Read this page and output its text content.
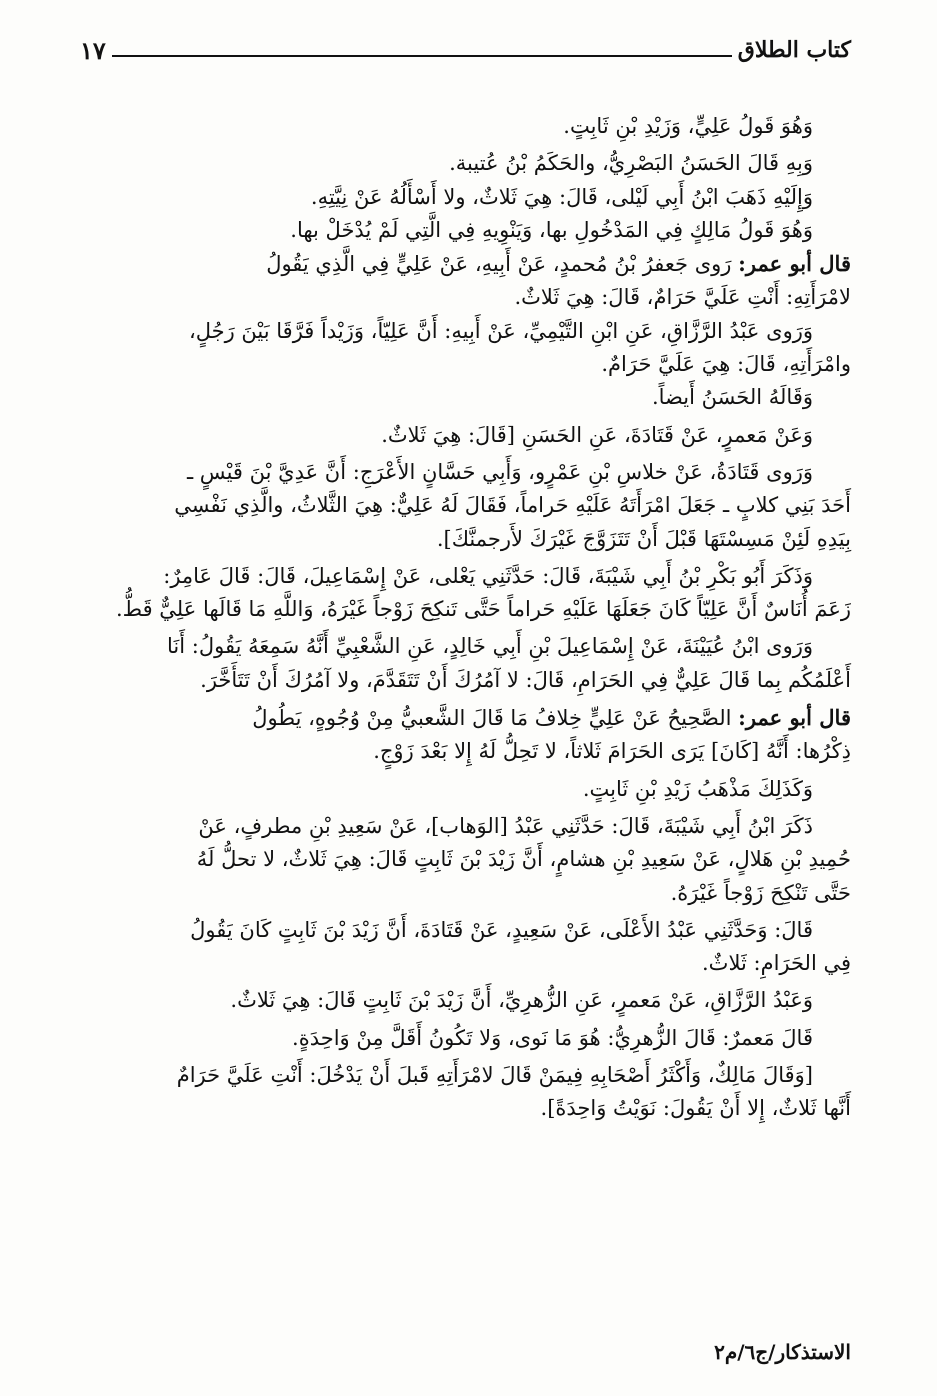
كتاب الطلاق
١٧

وَهُوَ قَولُ عَلِيٍّ، وَزَيْدِ بْنِ ثَابِتٍ.

وَبِهِ قَالَ الحَسَنُ البَصْرِيُّ، والحَكَمُ بْنُ عُتيبة.

وَإِلَيْهِ ذَهَبَ ابْنُ أَبِي لَيْلى، قَالَ: هِيَ ثَلاثٌ، ولا أَسْأَلُهُ عَنْ نِيَّتِهِ.

وَهُوَ قَولُ مَالِكٍ فِي المَدْخُولِ بها، وَيَنْوِيهِ فِي الَّتِي لَمْ يُدْخَلْ بها.

قال أبو عمر: رَوى جَعفرُ بْنُ مُحمدٍ، عَنْ أَبِيهِ، عَنْ عَلِيٍّ فِي الَّذِي يَقُولُ

لامْرَأَتِهِ: أَنْتِ عَلَيَّ حَرَامٌ، قَالَ: هِيَ ثَلاثٌ.

وَرَوى عَبْدُ الرَّزَّاقِ، عَنِ ابْنِ التَّيْمِيِّ، عَنْ أَبِيهِ: أَنَّ عَلِيّاً، وَزَيْداً فَرَّقَا بَيْنَ رَجُلٍ،

وامْرَأَتِهِ، قَالَ: هِيَ عَلَيَّ حَرَامٌ.

وَقَالَهُ الحَسَنُ أَيضاً.

وَعَنْ مَعمرٍ، عَنْ قَتَادَةَ، عَنِ الحَسَنِ [قَالَ: هِيَ ثَلاثٌ.

وَرَوى قَتَادَةُ، عَنْ خلاسِ بْنِ عَمْرٍو، وَأَبِي حَسَّانٍ الأَعْرَجِ: أَنَّ عَدِيَّ بْنَ قَيْسٍ ـ

أَحَدَ بَنِي كلابٍ ـ جَعَلَ امْرَأَتَهُ عَلَيْهِ حَراماً، فَقَالَ لَهُ عَلِيٌّ: هِيَ الثَّلاثُ، والَّذِي نَفْسِي

بِيَدِهِ لَئِنْ مَسِسْتَهَا قَبْلَ أَنْ تَتَزَوَّجَ غَيْرَكَ لأَرجمنَّكَ].

وَذَكَرَ أَبُو بَكْرِ بْنُ أَبِي شَيْبَةَ، قَالَ: حَدَّثَنِي يَعْلى، عَنْ إِسْمَاعِيلَ، قَالَ: قَالَ عَامِرٌ:

زَعَمَ أُنَاسٌ أَنَّ عَلِيّاً كَانَ جَعَلَهَا عَلَيْهِ حَراماً حَتَّى تَنكِحَ زَوْجاً غَيْرَهُ، وَاللَّهِ مَا قَالَها عَلِيٌّ قَطُّ.

وَرَوى ابْنُ عُيَيْنَةَ، عَنْ إِسْمَاعِيلَ بْنِ أَبِي خَالِدٍ، عَنِ الشَّعْبِيِّ أَنَّهُ سَمِعَهُ يَقُولُ: أَنَا

أَعْلَمُكُم بِما قَالَ عَلِيٌّ فِي الحَرَامِ، قَالَ: لا آمُرُكَ أَنْ تَتَقَدَّمَ، ولا آمُرُكَ أَنْ تَتَأَخَّرَ.

قال أبو عمر: الصَّحِيحُ عَنْ عَلِيٍّ خِلافُ مَا قَالَ الشَّعبيُّ مِنْ وُجُوهٍ، يَطُولُ

ذِكْرُها: أَنَّهُ [كَانَ] يَرَى الحَرَامَ ثَلاثاً، لا تَحِلُّ لَهُ إِلا بَعْدَ زَوْجٍ.

وَكَذَلِكَ مَذْهَبُ زَيْدِ بْنِ ثَابِتٍ.

ذَكَرَ ابْنُ أَبِي شَيْبَةَ، قَالَ: حَدَّثَنِي عَبْدُ [الوَهاب]، عَنْ سَعِيدِ بْنِ مطرفٍ، عَنْ

حُمِيدِ بْنِ هَلالٍ، عَنْ سَعِيدِ بْنِ هشامٍ، أَنَّ زَيْدَ بْنَ ثَابِتٍ قَالَ: هِيَ ثَلاثٌ، لا تحلُّ لَهُ

حَتَّى تَنْكِحَ زَوْجاً غَيْرَهُ.

قَالَ: وَحَدَّثَنِي عَبْدُ الأَعْلَى، عَنْ سَعِيدٍ، عَنْ قَتَادَةَ، أَنَّ زَيْدَ بْنَ ثَابِتٍ كَانَ يَقُولُ

فِي الحَرَامِ: ثَلاثٌ.

وَعَبْدُ الرَّزَّاقِ، عَنْ مَعمرٍ، عَنِ الزُّهرِيِّ، أَنَّ زَيْدَ بْنَ ثَابِتٍ قَالَ: هِيَ ثَلاثٌ.

قَالَ مَعمرٌ: قَالَ الزُّهرِيُّ: هُوَ مَا نَوى، وَلا تَكُونُ أَقَلَّ مِنْ وَاحِدَةٍ.

[وَقَالَ مَالِكٌ، وَأَكْثَرُ أَصْحَابِهِ فِيمَنْ قَالَ لامْرَأَتِهِ قَبلَ أَنْ يَدْخُلَ: أَنْتِ عَلَيَّ حَرَامٌ

أَنَّها ثَلاثٌ، إِلا أَنْ يَقُولَ: نَوَيْتُ وَاحِدَةً].

الاستذكار/ج٦/م٢
